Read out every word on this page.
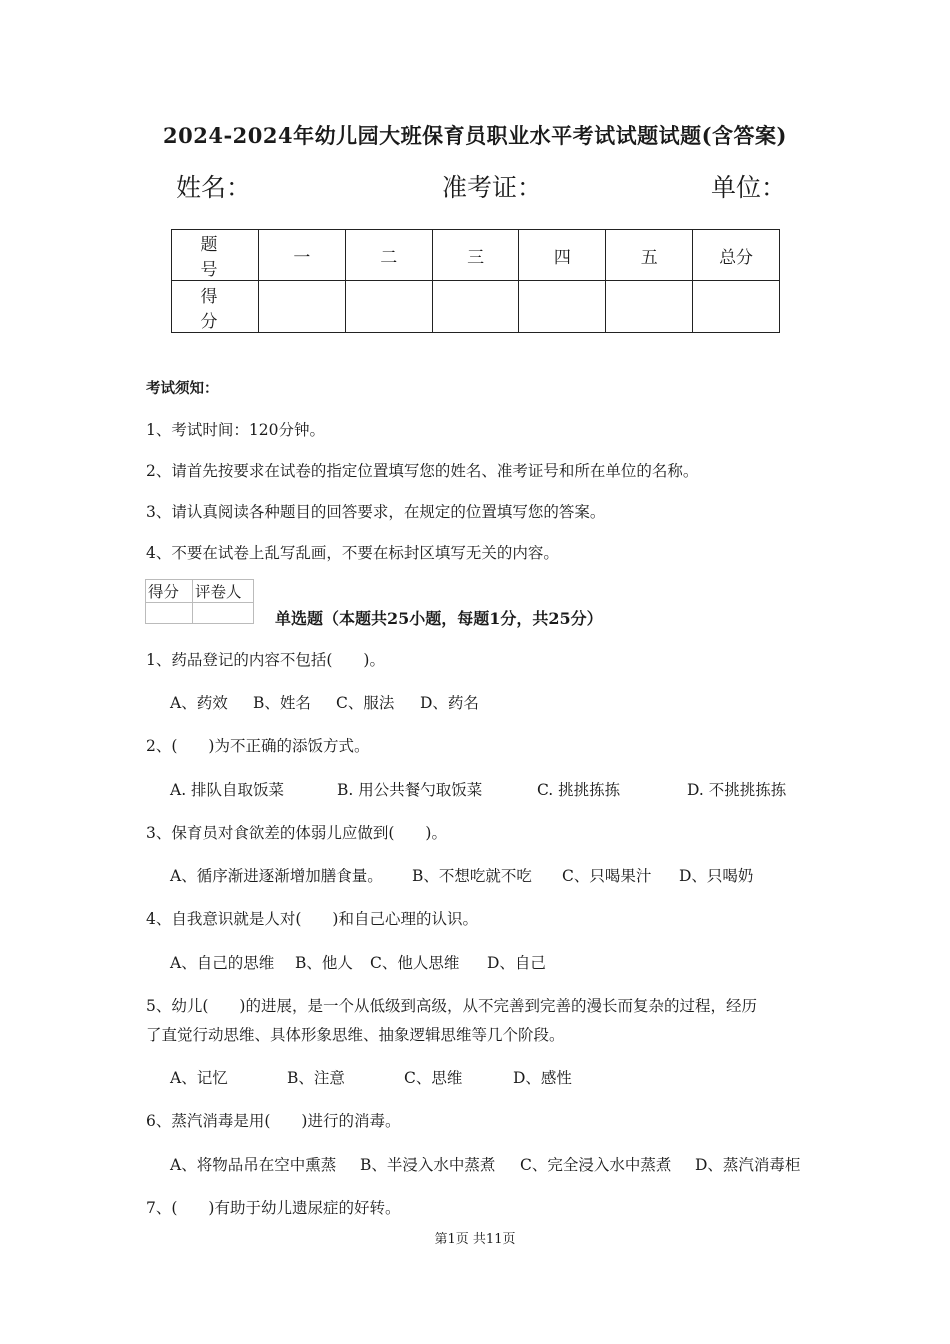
2024-2024年幼儿园大班保育员职业水平考试试题试题(含答案)
姓名：	准考证：	单位：
题　号	一	二	三	四	五	总分
得　分						
考试须知：
1、考试时间：120分钟。
2、请首先按要求在试卷的指定位置填写您的姓名、准考证号和所在单位的名称。
3、请认真阅读各种题目的回答要求，在规定的位置填写您的答案。
4、不要在试卷上乱写乱画，不要在标封区填写无关的内容。
得分	评卷人

单选题（本题共25小题，每题1分，共25分）
1、药品登记的内容不包括(　　)。
A、药效 B、姓名 C、服法 D、药名
2、(　　)为不正确的添饭方式。
A. 排队自取饭菜	B. 用公共餐勺取饭菜	C. 挑挑拣拣	D. 不挑挑拣拣
3、保育员对食欲差的体弱儿应做到(　　)。
A、循序渐进逐渐增加膳食量。 B、不想吃就不吃 C、只喝果汁 D、只喝奶
4、自我意识就是人对(　　)和自己心理的认识。
A、自己的思维 B、他人 C、他人思维 D、自己
5、幼儿(　　)的进展，是一个从低级到高级，从不完善到完善的漫长而复杂的过程，经历
了直觉行动思维、具体形象思维、抽象逻辑思维等几个阶段。
A、记忆	B、注意	C、思维	D、感性
6、蒸汽消毒是用(　　)进行的消毒。
A、将物品吊在空中熏蒸 B、半浸入水中蒸煮 C、完全浸入水中蒸煮 D、蒸汽消毒柜
7、(　　)有助于幼儿遗尿症的好转。
第1页 共11页
